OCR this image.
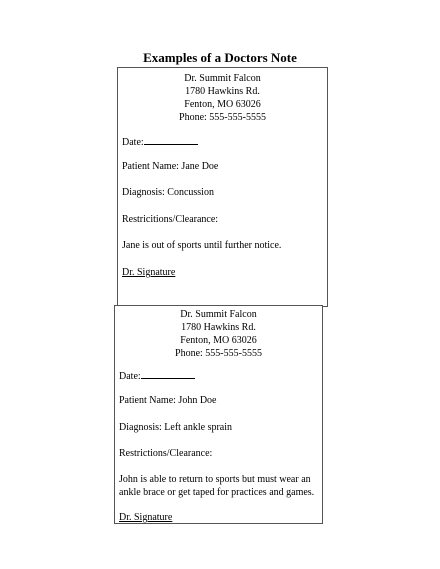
Examples of a Doctors Note
Dr. Summit Falcon
1780 Hawkins Rd.
Fenton, MO 63026
Phone: 555-555-5555
Date:
Patient Name: Jane Doe
Diagnosis: Concussion
Restricitions/Clearance:
Jane is out of sports until further notice.
Dr. Signature
Dr. Summit Falcon
1780 Hawkins Rd.
Fenton, MO 63026
Phone: 555-555-5555
Date:
Patient Name: John Doe
Diagnosis: Left ankle sprain
Restrictions/Clearance:
John is able to return to sports but must wear an ankle brace or get taped for practices and games.
Dr. Signature
